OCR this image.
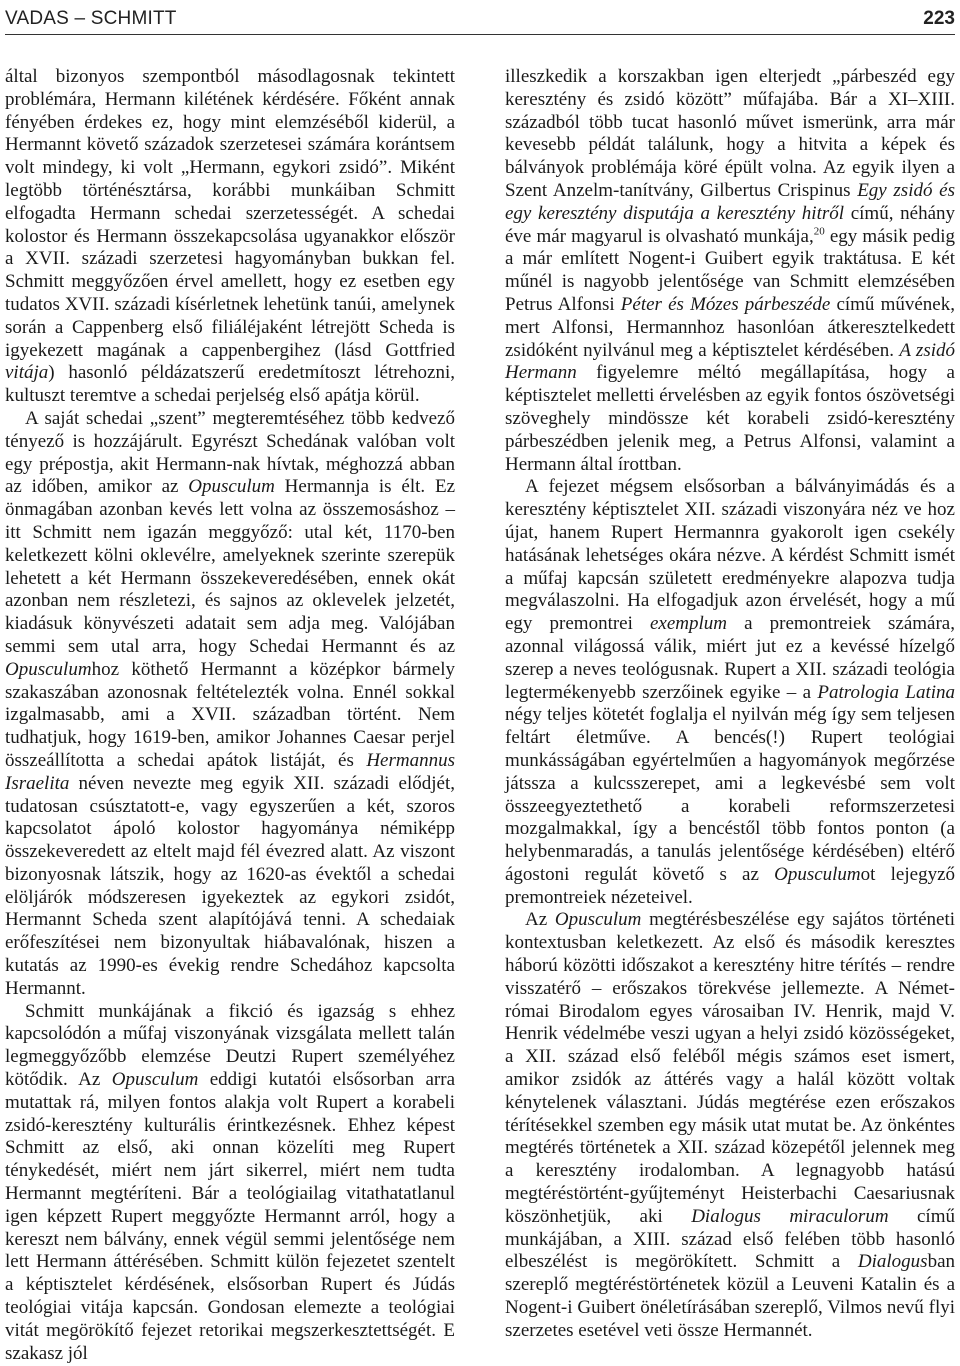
VADAS – SCHMITT	223

által bizonyos szempontból másodlagosnak tekintett problémára, Hermann kilétének kérdésére. Főként annak fényében érdekes ez, hogy mint elemzéséből kiderül, a Hermannt követő századok szerzetesei számára korántsem volt mindegy, ki volt „Hermann, egykori zsidó”. Miként legtöbb történésztársa, korábbi munkáiban Schmitt elfogadta Hermann schedai szerzetességét. A schedai kolostor és Hermann összekapcsolása ugyanakkor először a XVII. századi szerzetesi hagyományban bukkan fel. Schmitt meggyőzően érvel amellett, hogy ez esetben egy tudatos XVII. századi kísérletnek lehetünk tanúi, amelynek során a Cappenberg első filiáléjaként létrejött Scheda is igyekezett magának a cappenbergihez (lásd Gottfried vitája) hasonló példázatszerű eredetmítoszt létrehozni, kultuszt teremtve a schedai perjelség első apátja körül.

A saját schedai „szent” megteremtéséhez több kedvező tényező is hozzájárult. Egyrészt Schedának valóban volt egy prépostja, akit Hermann-nak hívtak, méghozzá abban az időben, amikor az Opusculum Hermannja is élt. Ez önmagában azonban kevés lett volna az összemosáshoz – itt Schmitt nem igazán meggyőző: utal két, 1170-ben keletkezett kölni oklevélre, amelyeknek szerinte szerepük lehetett a két Hermann összekeveredésében, ennek okát azonban nem részletezi, és sajnos az oklevelek jelzetét, kiadásuk könyvészeti adatait sem adja meg. Valójában semmi sem utal arra, hogy Schedai Hermannt és az Opusculumhoz köthető Hermannt a középkor bármely szakaszában azonosnak feltételezték volna. Ennél sokkal izgalmasabb, ami a XVII. században történt. Nem tudhatjuk, hogy 1619-ben, amikor Johannes Caesar perjel összeállította a schedai apátok listáját, és Hermannus Israelita néven nevezte meg egyik XII. századi elődjét, tudatosan csúsztatott-e, vagy egyszerűen a két, szoros kapcsolatot ápoló kolostor hagyománya némiképp összekeveredett az eltelt majd fél évezred alatt. Az viszont bizonyosnak látszik, hogy az 1620-as évektől a schedai elöljárók módszeresen igyekeztek az egykori zsidót, Hermannt Scheda szent alapítójává tenni. A schedaiak erőfeszítései nem bizonyultak hiábavalónak, hiszen a kutatás az 1990-es évekig rendre Schedához kapcsolta Hermannt.

Schmitt munkájának a fikció és igazság s ehhez kapcsolódón a műfaj viszonyának vizsgálata mellett talán legmeggyőzőbb elemzése Deutzi Rupert személyéhez kötődik. Az Opusculum eddigi kutatói elsősorban arra mutattak rá, milyen fontos alakja volt Rupert a korabeli zsidó-keresztény kulturális érintkezésnek. Ehhez képest Schmitt az első, aki onnan közelíti meg Rupert ténykedését, miért nem járt sikerrel, miért nem tudta Hermannt megtéríteni. Bár a teológiailag vitathatatlanul igen képzett Rupert meggyőzte Hermannt arról, hogy a kereszt nem bálvány, ennek végül semmi jelentősége nem lett Hermann áttérésében. Schmitt külön fejezetet szentelt a képtisztelet kérdésének, elsősorban Rupert és Júdás teológiai vitája kapcsán. Gondosan elemezte a teológiai vitát megörökítő fejezet retorikai megszerkesztettségét. E szakasz jól

illeszkedik a korszakban igen elterjedt „párbeszéd egy keresztény és zsidó között” műfajába. Bár a XI–XIII. századból több tucat hasonló művet ismerünk, arra már kevesebb példát találunk, hogy a hitvita a képek és bálványok problémája köré épült volna. Az egyik ilyen a Szent Anzelm-tanítvány, Gilbertus Crispinus Egy zsidó és egy keresztény disputája a keresztény hitről című, néhány éve már magyarul is olvasható munkája,$^{20}$ egy másik pedig a már említett Nogent-i Guibert egyik traktátusa. E két műnél is nagyobb jelentősége van Schmitt elemzésében Petrus Alfonsi Péter és Mózes párbeszéde című művének, mert Alfonsi, Hermannhoz hasonlóan átkeresztelkedett zsidóként nyilvánul meg a képtisztelet kérdésében. A zsidó Hermann figyelemre méltó megállapítása, hogy a képtisztelet melletti érvelésben az egyik fontos ószövetségi szöveghely mindössze két korabeli zsidó-keresztény párbeszédben jelenik meg, a Petrus Alfonsi, valamint a Hermann által írottban.

A fejezet mégsem elsősorban a bálványimádás és a keresztény képtisztelet XII. századi viszonyára néz ve hoz újat, hanem Rupert Hermannra gyakorolt igen csekély hatásának lehetséges okára nézve. A kérdést Schmitt ismét a műfaj kapcsán született eredményekre alapozva tudja megválaszolni. Ha elfogadjuk azon érvelését, hogy a mű egy premontrei exemplum a premontreiek számára, azonnal világossá válik, miért jut ez a kevéssé hízelgő szerep a neves teológusnak. Rupert a XII. századi teológia legtermékenyebb szerzőinek egyike – a Patrologia Latina négy teljes kötetét foglalja el nyilván még így sem teljesen feltárt életműve. A bencés(!) Rupert teológiai munkásságában egyértelműen a hagyományok megőrzése játssza a kulcsszerepet, ami a legkevésbé sem volt összeegyeztethető a korabeli reformszerzetesi mozgalmakkal, így a bencéstől több fontos ponton (a helybenmaradás, a tanulás jelentősége kérdésében) eltérő ágostoni regulát követő s az Opusculumot lejegyző premontreiek nézeteivel.

Az Opusculum megtérésbeszélése egy sajátos történeti kontextusban keletkezett. Az első és második keresztes háború közötti időszakot a keresztény hitre térítés – rendre visszatérő – erőszakos törekvése jellemezte. A Német-római Birodalom egyes városaiban IV. Henrik, majd V. Henrik védelmébe veszi ugyan a helyi zsidó közösségeket, a XII. század első feléből mégis számos eset ismert, amikor zsidók az áttérés vagy a halál között voltak kénytelenek választani. Júdás megtérése ezen erőszakos térítésekkel szemben egy másik utat mutat be. Az önkéntes megtérés történetek a XII. század közepétől jelennek meg a keresztény irodalomban. A legnagyobb hatású megtéréstörtént-gyűjteményt Heisterbachi Caesariusnak köszönhetjük, aki Dialogus miraculorum című munkájában, a XIII. század első felében több hasonló elbeszélést is megörökített. Schmitt a Dialogusban szereplő megtéréstörténetek közül a Leuveni Katalin és a Nogent-i Guibert önéletírásában szereplő, Vilmos nevű flyi szerzetes esetével veti össze Hermannét.
